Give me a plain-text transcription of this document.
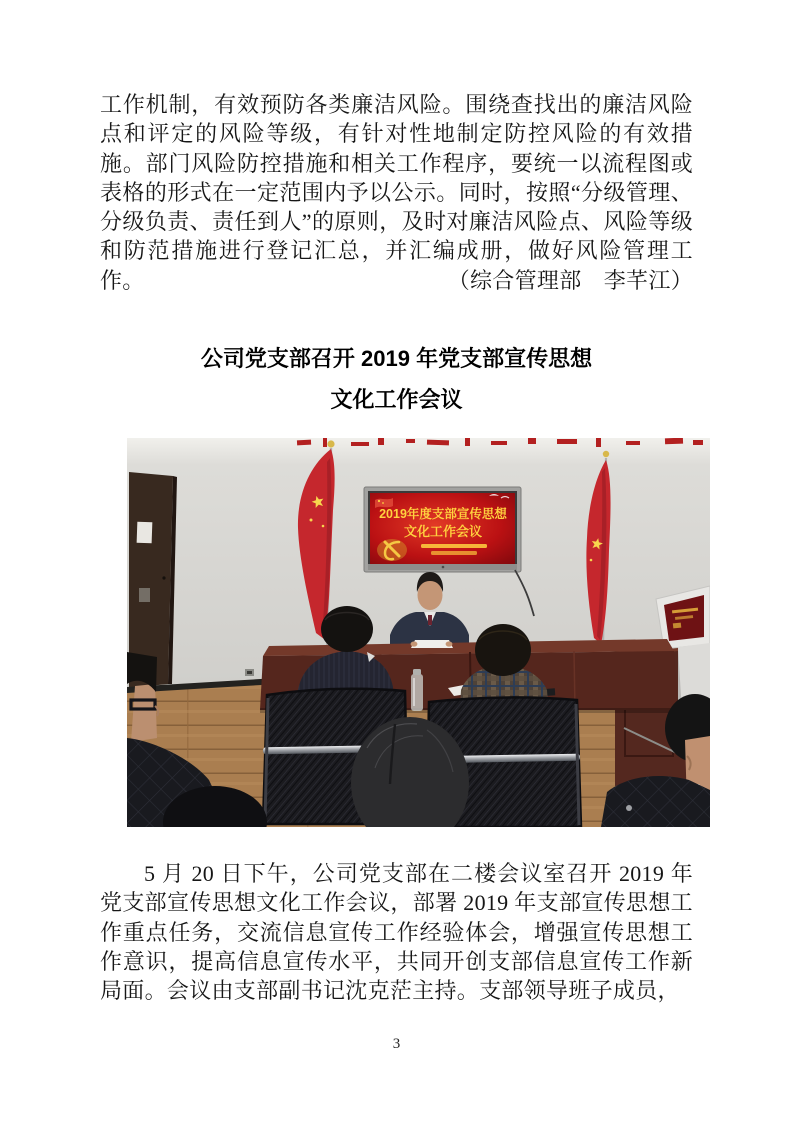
工作机制，有效预防各类廉洁风险。围绕查找出的廉洁风险点和评定的风险等级，有针对性地制定防控风险的有效措施。部门风险防控措施和相关工作程序，要统一以流程图或表格的形式在一定范围内予以公示。同时，按照“分级管理、分级负责、责任到人”的原则，及时对廉洁风险点、风险等级和防范措施进行登记汇总，并汇编成册，做好风险管理工作。	（综合管理部　李芊江）

公司党支部召开 2019 年党支部宣传思想
文化工作会议
2019年度支部宣传思想
文化工作会议

5 月 20 日下午，公司党支部在二楼会议室召开 2019 年党支部宣传思想文化工作会议，部署 2019 年支部宣传思想工作重点任务，交流信息宣传工作经验体会，增强宣传思想工作意识，提高信息宣传水平，共同开创支部信息宣传工作新局面。会议由支部副书记沈克茫主持。支部领导班子成员，

3
